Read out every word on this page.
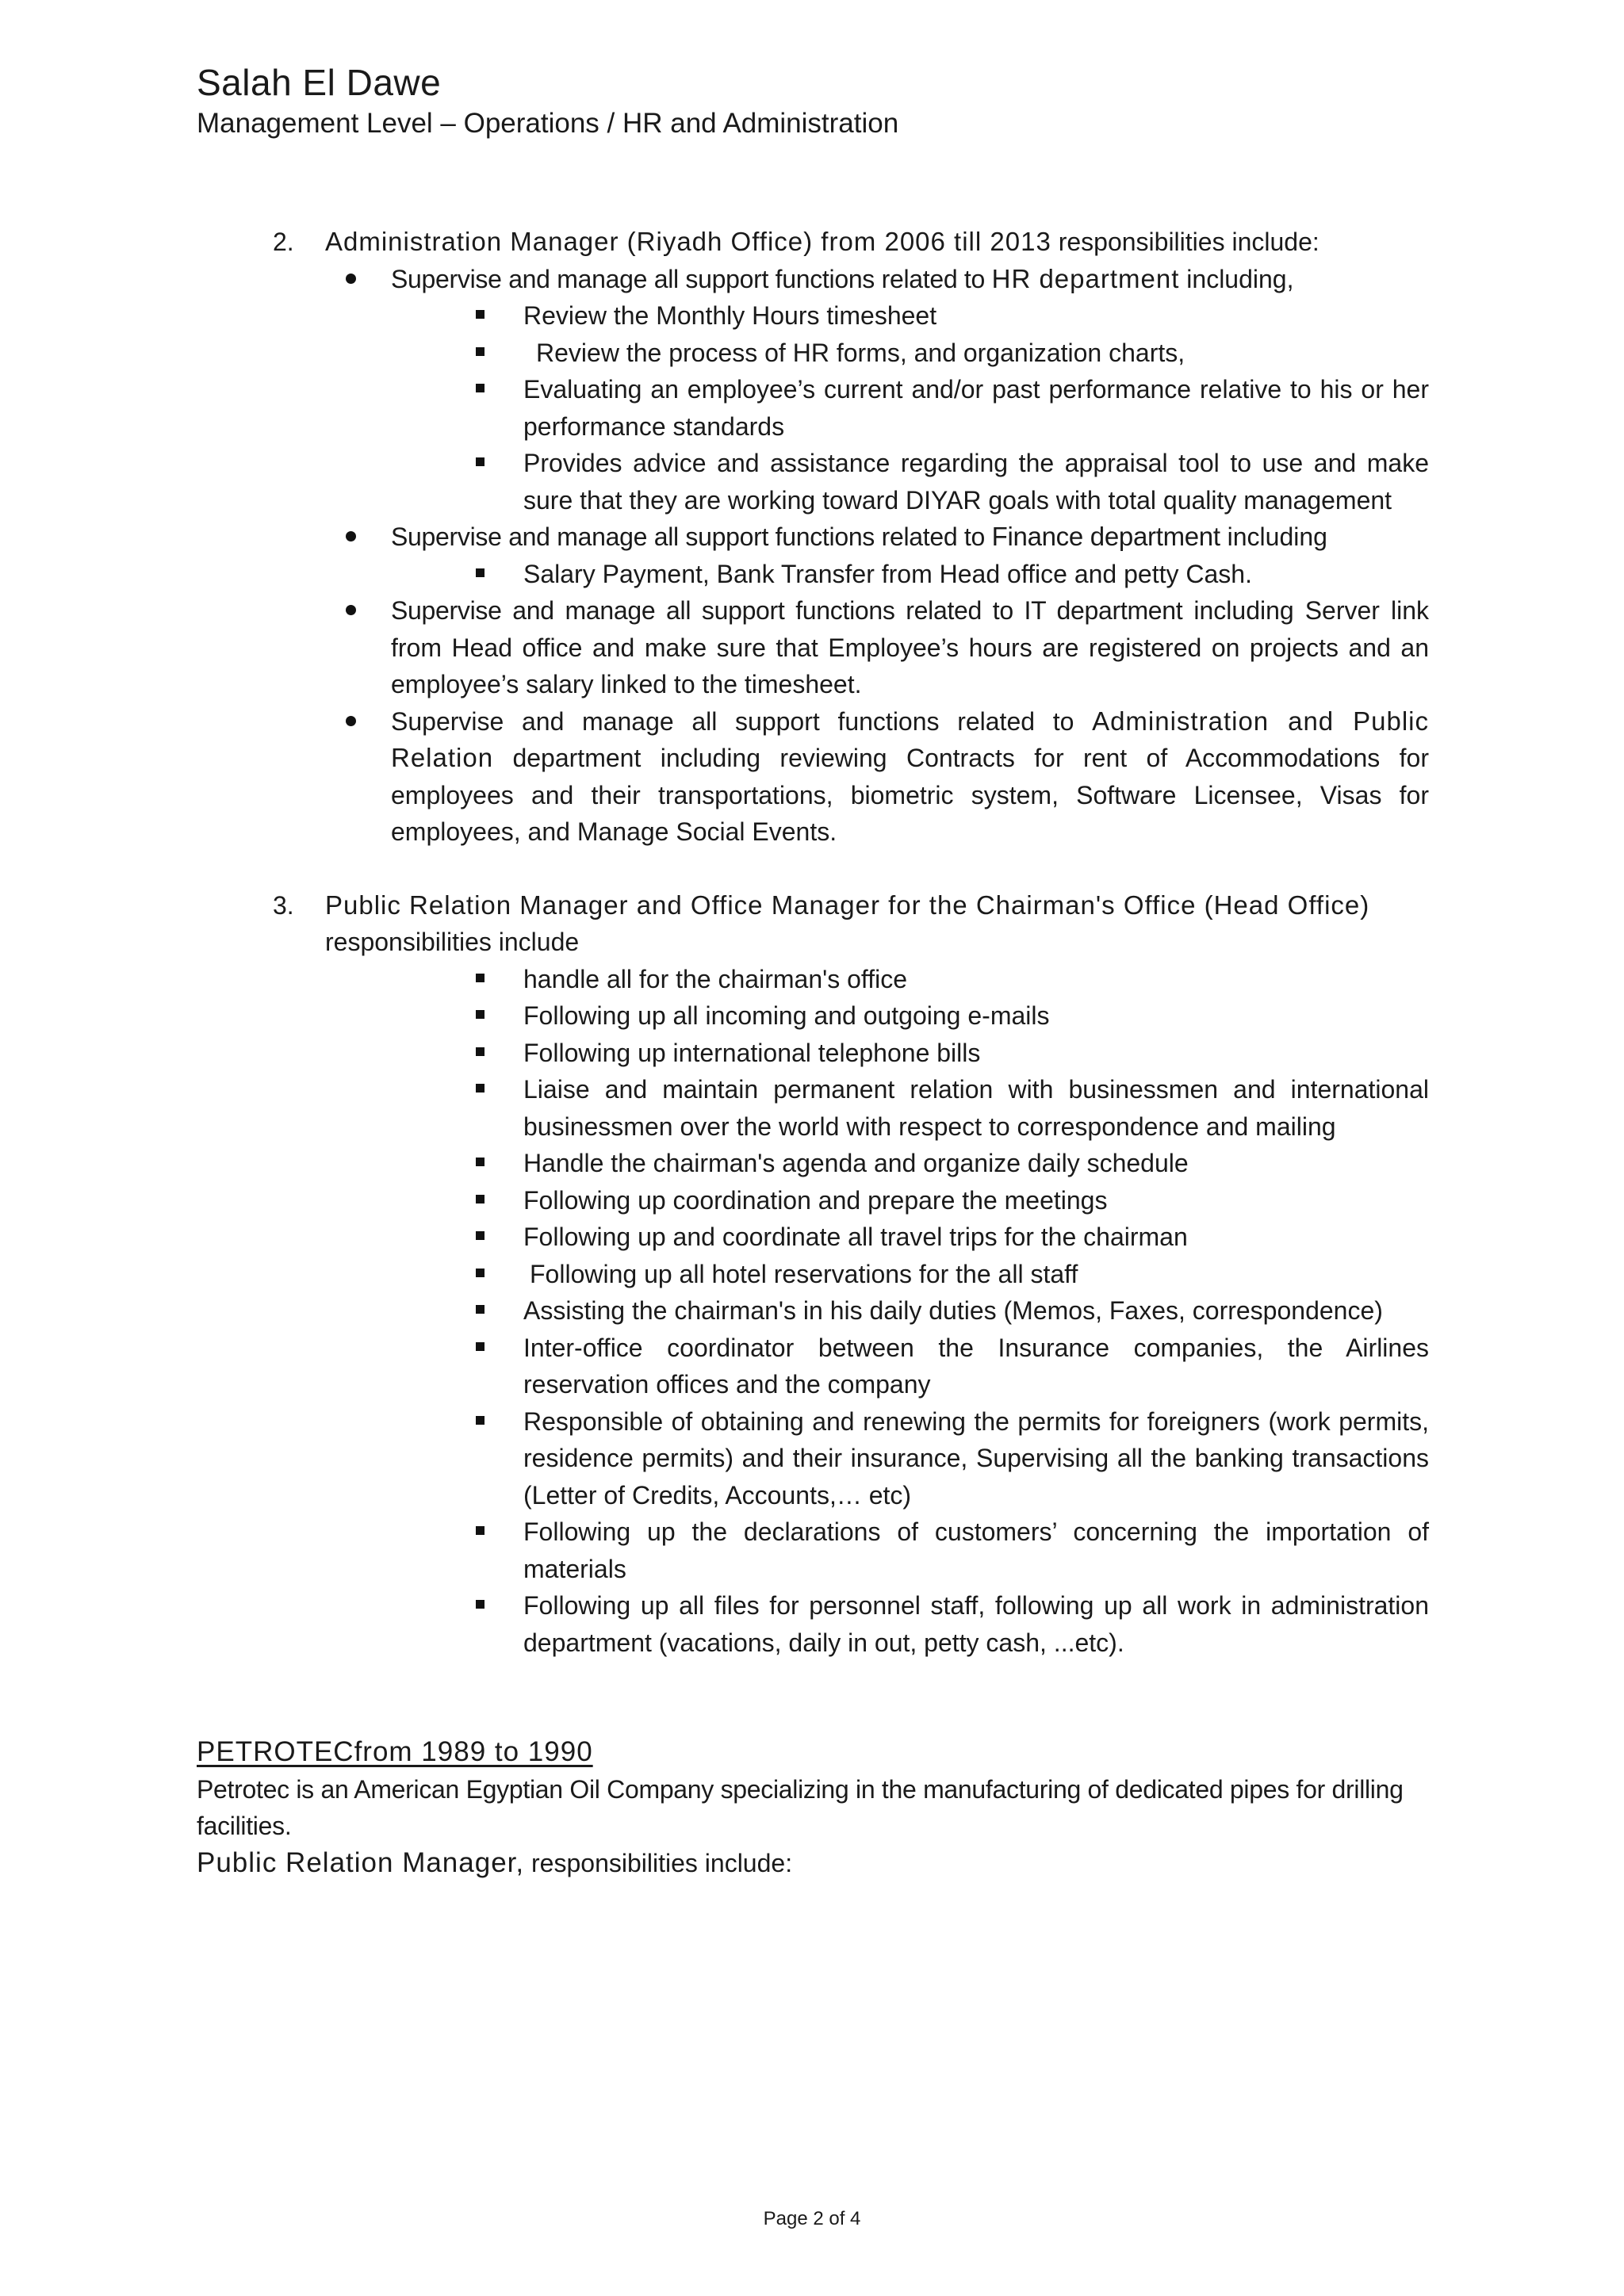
Salah El Dawe
Management Level – Operations / HR and Administration
2. Administration Manager (Riyadh Office) from 2006 till 2013 responsibilities include:
Supervise and manage all support functions related to HR department including,
Review the Monthly Hours timesheet
Review the process of HR forms, and organization charts,
Evaluating an employee’s current and/or past performance relative to his or her performance standards
Provides advice and assistance regarding the appraisal tool to use and make sure that they are working toward DIYAR goals with total quality management
Supervise and manage all support functions related to Finance department including
Salary Payment, Bank Transfer from Head office and petty Cash.
Supervise and manage all support functions related to IT department including Server link from Head office and make sure that Employee’s hours are registered on projects and an employee’s salary linked to the timesheet.
Supervise and manage all support functions related to Administration and Public Relation department including reviewing Contracts for rent of Accommodations for employees and their transportations, biometric system, Software Licensee, Visas for employees, and Manage Social Events.
3. Public Relation Manager and Office Manager for the Chairman's Office (Head Office)
responsibilities include
handle all for the chairman's office
Following up all incoming and outgoing e-mails
Following up international telephone bills
Liaise and maintain permanent relation with businessmen and international businessmen over the world with respect to correspondence and mailing
Handle the chairman's agenda and organize daily schedule
Following up coordination and prepare the meetings
Following up and coordinate all travel trips for the chairman
Following up all hotel reservations for the all staff
Assisting the chairman's in his daily duties (Memos, Faxes, correspondence)
Inter-office coordinator between the Insurance companies, the Airlines reservation offices and the company
Responsible of obtaining and renewing the permits for foreigners (work permits, residence permits) and their insurance, Supervising all the banking transactions (Letter of Credits, Accounts,… etc)
Following up the declarations of customers’ concerning the importation of materials
Following up all files for personnel staff, following up all work in administration department (vacations, daily in out, petty cash, ...etc).
PETROTECfrom 1989 to 1990
Petrotec is an American Egyptian Oil Company specializing in the manufacturing of dedicated pipes for drilling facilities.
Public Relation Manager, responsibilities include:
Page 2 of 4
